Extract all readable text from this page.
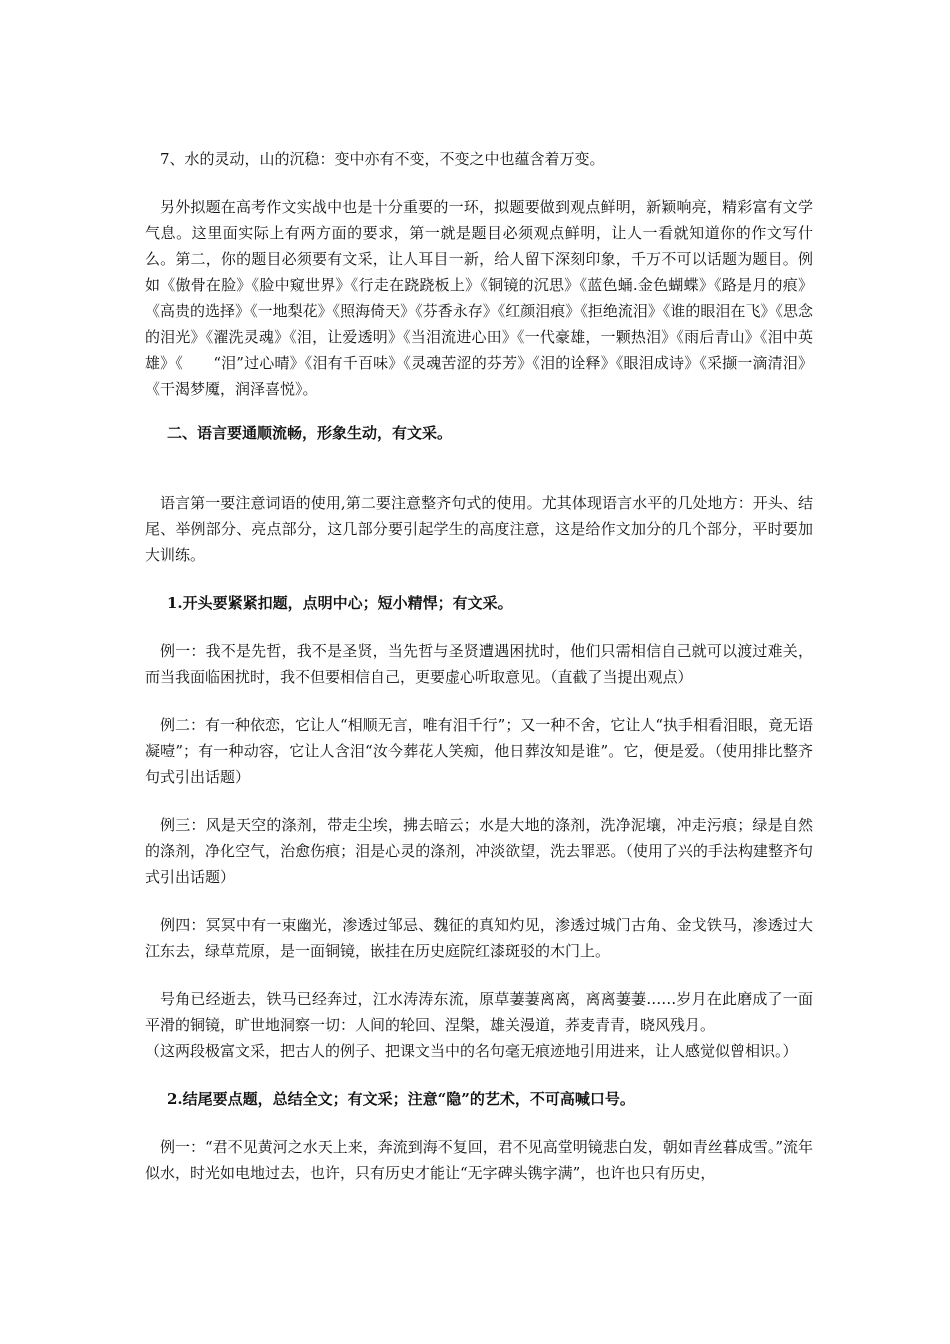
7、水的灵动，山的沉稳：变中亦有不变，不变之中也蕴含着万变。

另外拟题在高考作文实战中也是十分重要的一环，拟题要做到观点鲜明，新颖响亮，精彩富有文学气息。这里面实际上有两方面的要求，第一就是题目必须观点鲜明，让人一看就知道你的作文写什么。第二，你的题目必须要有文采，让人耳目一新，给人留下深刻印象，千万不可以话题为题目。例如《傲骨在脸》《脸中窥世界》《行走在跷跷板上》《铜镜的沉思》《蓝色蛹.金色蝴蝶》《路是月的痕》《高贵的选择》《一地梨花》《照海倚天》《芬香永存》《红颜泪痕》《拒绝流泪》《谁的眼泪在飞》《思念的泪光》《濯洗灵魂》《泪，让爱透明》《当泪流进心田》《一代豪雄，一颗热泪》《雨后青山》《泪中英雄》《　　“泪”过心晴》《泪有千百味》《灵魂苦涩的芬芳》《泪的诠释》《眼泪成诗》《采撷一滴清泪》《干渴梦魇，润泽喜悦》。

二、语言要通顺流畅，形象生动，有文采。

语言第一要注意词语的使用,第二要注意整齐句式的使用。尤其体现语言水平的几处地方：开头、结尾、举例部分、亮点部分，这几部分要引起学生的高度注意，这是给作文加分的几个部分，平时要加大训练。

1.开头要紧紧扣题，点明中心；短小精悍；有文采。

例一：我不是先哲，我不是圣贤，当先哲与圣贤遭遇困扰时，他们只需相信自己就可以渡过难关，而当我面临困扰时，我不但要相信自己，更要虚心听取意见。（直截了当提出观点）

例二：有一种依恋，它让人“相顺无言，唯有泪千行”；又一种不舍，它让人“执手相看泪眼，竟无语凝噎”；有一种动容，它让人含泪“汝今葬花人笑痴，他日葬汝知是谁”。它，便是爱。（使用排比整齐句式引出话题）

例三：风是天空的涤剂，带走尘埃，拂去暗云；水是大地的涤剂，洗净泥壤，冲走污痕；绿是自然的涤剂，净化空气，治愈伤痕；泪是心灵的涤剂，冲淡欲望，洗去罪恶。（使用了兴的手法构建整齐句式引出话题）

例四：冥冥中有一束幽光，渗透过邹忌、魏征的真知灼见，渗透过城门古角、金戈铁马，渗透过大江东去，绿草荒原，是一面铜镜，嵌挂在历史庭院红漆斑驳的木门上。

号角已经逝去，铁马已经奔过，江水涛涛东流，原草萋萋离离，离离萋萋……岁月在此磨成了一面平滑的铜镜，旷世地洞察一切：人间的轮回、涅槃，雄关漫道，荞麦青青，晓风残月。

（这两段极富文采，把古人的例子、把课文当中的名句毫无痕迹地引用进来，让人感觉似曾相识。）

2.结尾要点题，总结全文；有文采；注意“隐”的艺术，不可高喊口号。

例一：“君不见黄河之水天上来，奔流到海不复回，君不见高堂明镜悲白发，朝如青丝暮成雪。”流年似水，时光如电地过去，也许，只有历史才能让“无字碑头镌字满”，也许也只有历史，
